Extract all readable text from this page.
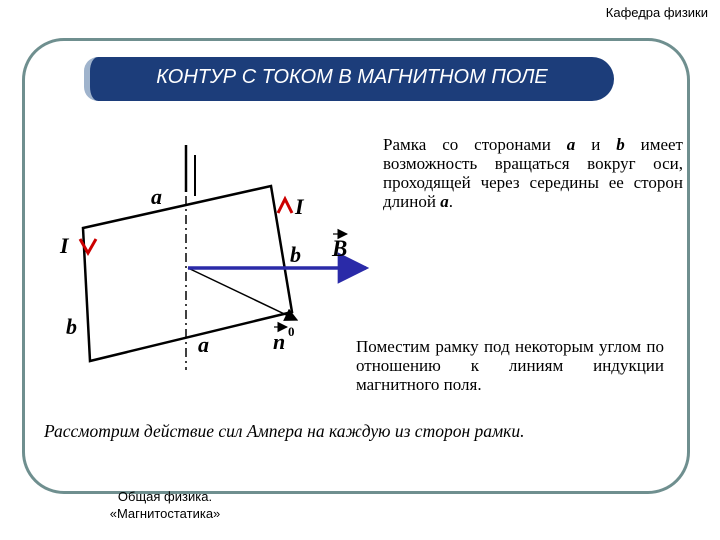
Кафедра физики
КОНТУР С ТОКОМ В МАГНИТНОМ ПОЛЕ

Рамка со сторонами a и b имеет возможность вращаться вокруг оси, проходящей через середины ее сторон длиной a.

Поместим рамку под некоторым углом по отношению к линиям индукции магнитного поля.

Рассмотрим действие сил Ампера на каждую из сторон рамки.

Общая физика.
«Магнитостатика»
a
a
b
b
I
I	B
n 0
